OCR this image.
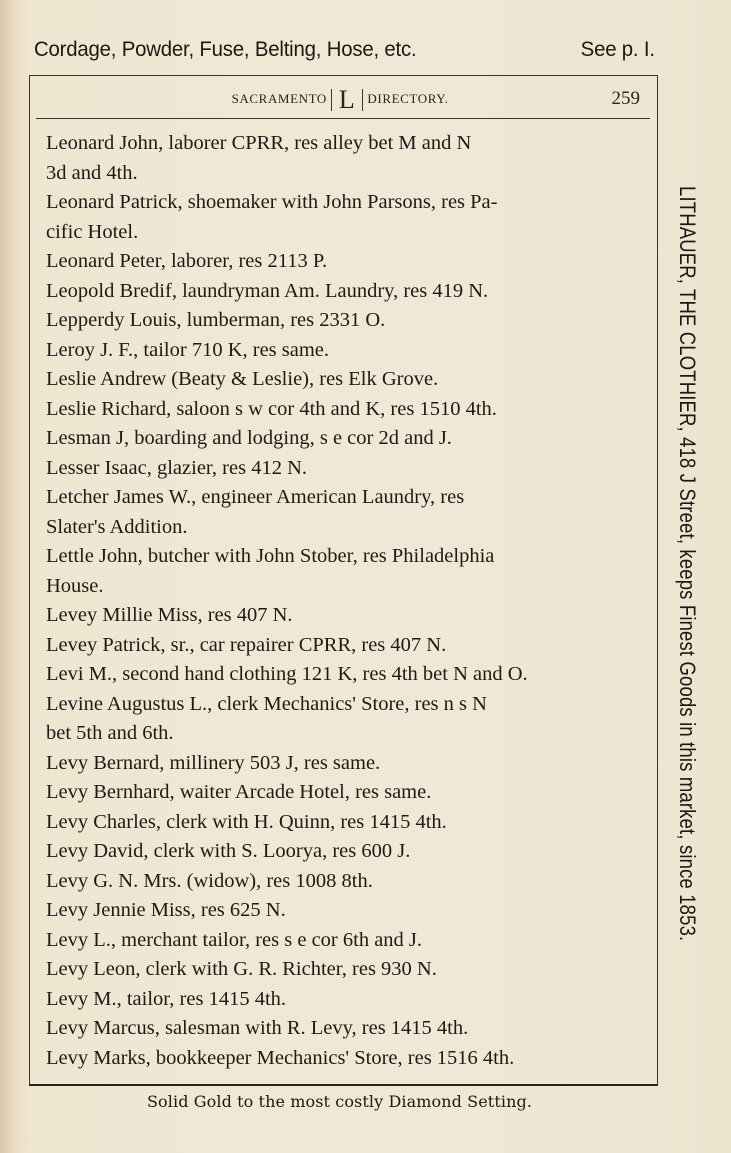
Cordage, Powder, Fuse, Belting, Hose, etc.	See p. I.
SACRAMENTO L DIRECTORY.	259
Leonard John, laborer CPRR, res alley bet M and N
3d and 4th.
Leonard Patrick, shoemaker with John Parsons, res Pa-
cific Hotel.
Leonard Peter, laborer, res 2113 P.
Leopold Bredif, laundryman Am. Laundry, res 419 N.
Lepperdy Louis, lumberman, res 2331 O.
Leroy J. F., tailor 710 K, res same.
Leslie Andrew (Beaty & Leslie), res Elk Grove.
Leslie Richard, saloon s w cor 4th and K, res 1510 4th.
Lesman J, boarding and lodging, s e cor 2d and J.
Lesser Isaac, glazier, res 412 N.
Letcher James W., engineer American Laundry, res
Slater's Addition.
Lettle John, butcher with John Stober, res Philadelphia
House.
Levey Millie Miss, res 407 N.
Levey Patrick, sr., car repairer CPRR, res 407 N.
Levi M., second hand clothing 121 K, res 4th bet N and O.
Levine Augustus L., clerk Mechanics' Store, res n s N
bet 5th and 6th.
Levy Bernard, millinery 503 J, res same.
Levy Bernhard, waiter Arcade Hotel, res same.
Levy Charles, clerk with H. Quinn, res 1415 4th.
Levy David, clerk with S. Loorya, res 600 J.
Levy G. N. Mrs. (widow), res 1008 8th.
Levy Jennie Miss, res 625 N.
Levy L., merchant tailor, res s e cor 6th and J.
Levy Leon, clerk with G. R. Richter, res 930 N.
Levy M., tailor, res 1415 4th.
Levy Marcus, salesman with R. Levy, res 1415 4th.
Levy Marks, bookkeeper Mechanics' Store, res 1516 4th.
LITHAUER, THE CLOTHIER, 418 J Street, keeps Finest Goods in this market, since 1853.
Solid Gold to the most costly Diamond Setting.
